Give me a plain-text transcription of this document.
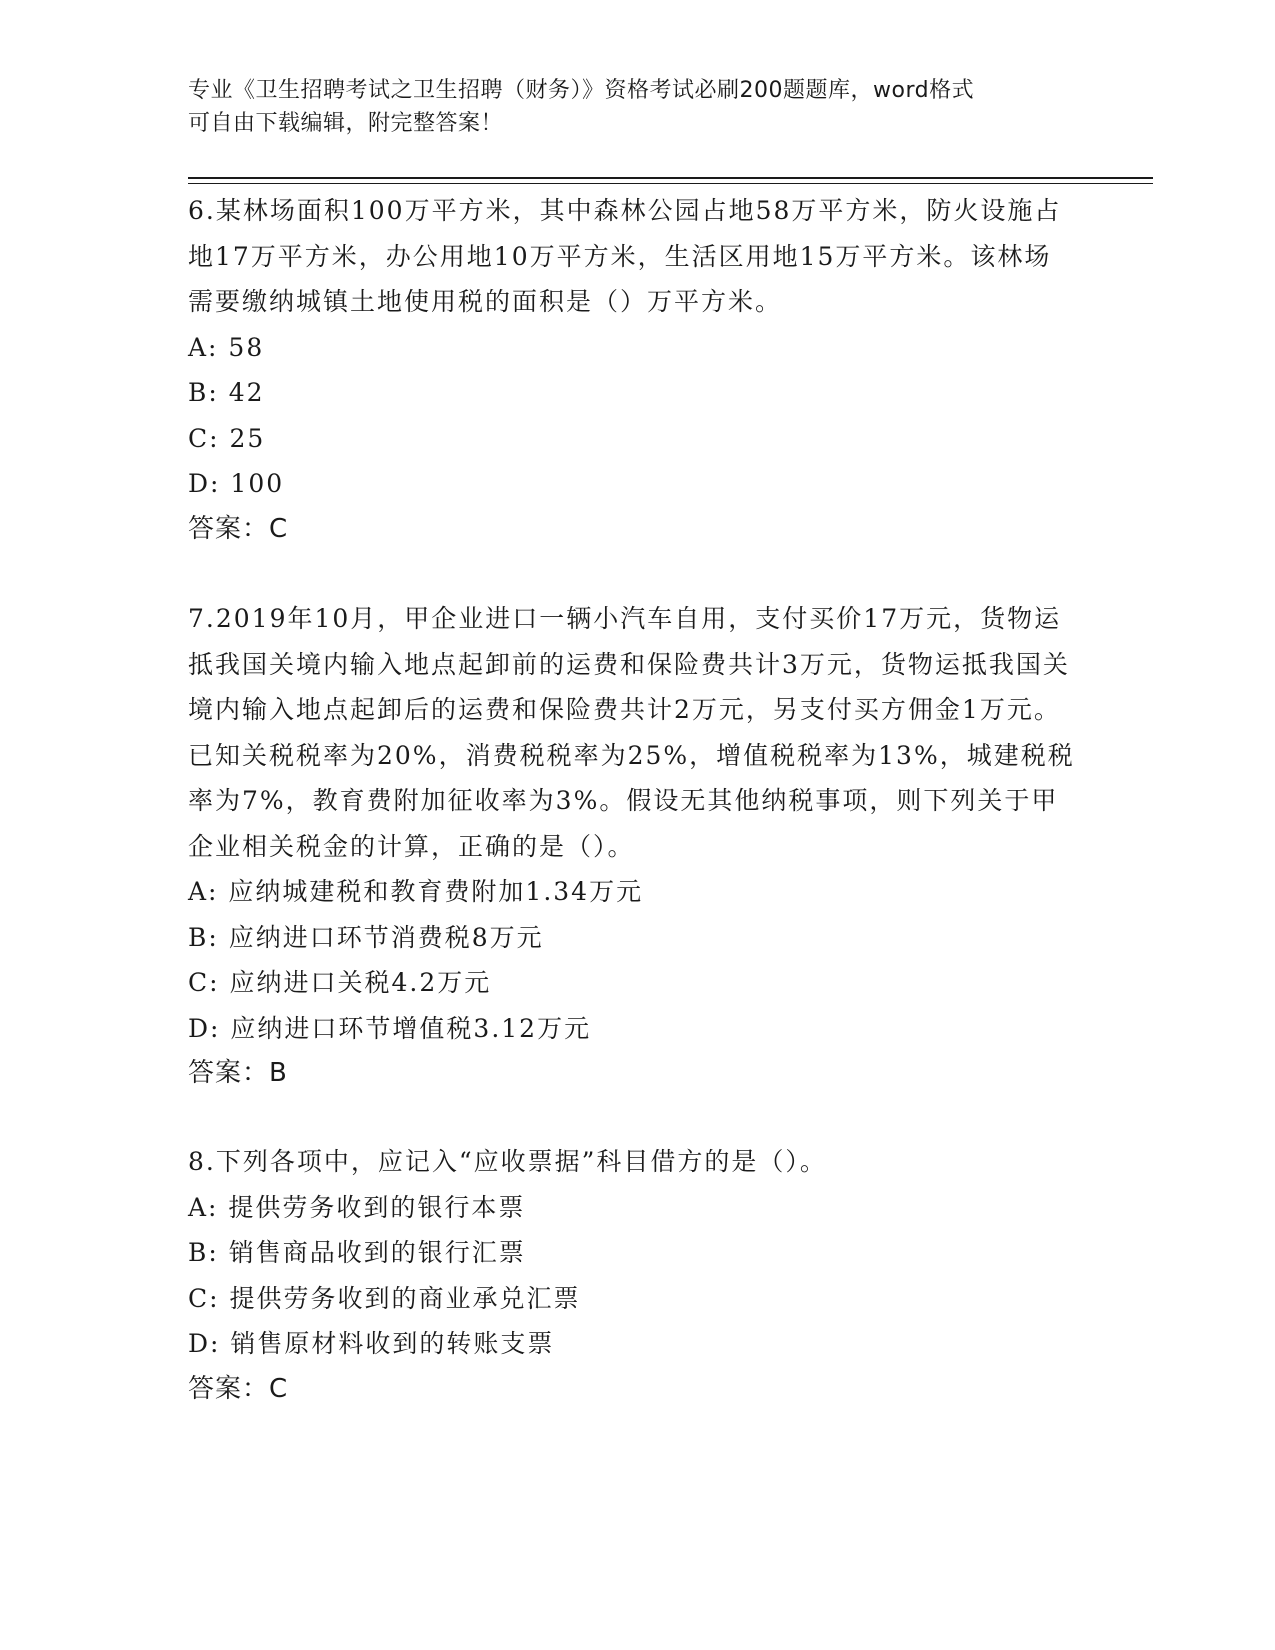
专业《卫生招聘考试之卫生招聘（财务）》资格考试必刷200题题库，word格式
可自由下载编辑，附完整答案！

6.某林场面积100万平方米，其中森林公园占地58万平方米，防火设施占地17万平方米，办公用地10万平方米，生活区用地15万平方米。该林场需要缴纳城镇土地使用税的面积是（）万平方米。

A: 58

B: 42

C: 25

D: 100

答案：C

7.2019年10月，甲企业进口一辆小汽车自用，支付买价17万元，货物运抵我国关境内输入地点起卸前的运费和保险费共计3万元，货物运抵我国关境内输入地点起卸后的运费和保险费共计2万元，另支付买方佣金1万元。已知关税税率为20%，消费税税率为25%，增值税税率为13%，城建税税率为7%，教育费附加征收率为3%。假设无其他纳税事项，则下列关于甲企业相关税金的计算，正确的是（）。

A: 应纳城建税和教育费附加1.34万元

B: 应纳进口环节消费税8万元

C: 应纳进口关税4.2万元

D: 应纳进口环节增值税3.12万元

答案：B

8.下列各项中，应记入“应收票据”科目借方的是（）。

A: 提供劳务收到的银行本票

B: 销售商品收到的银行汇票

C: 提供劳务收到的商业承兑汇票

D: 销售原材料收到的转账支票

答案：C
